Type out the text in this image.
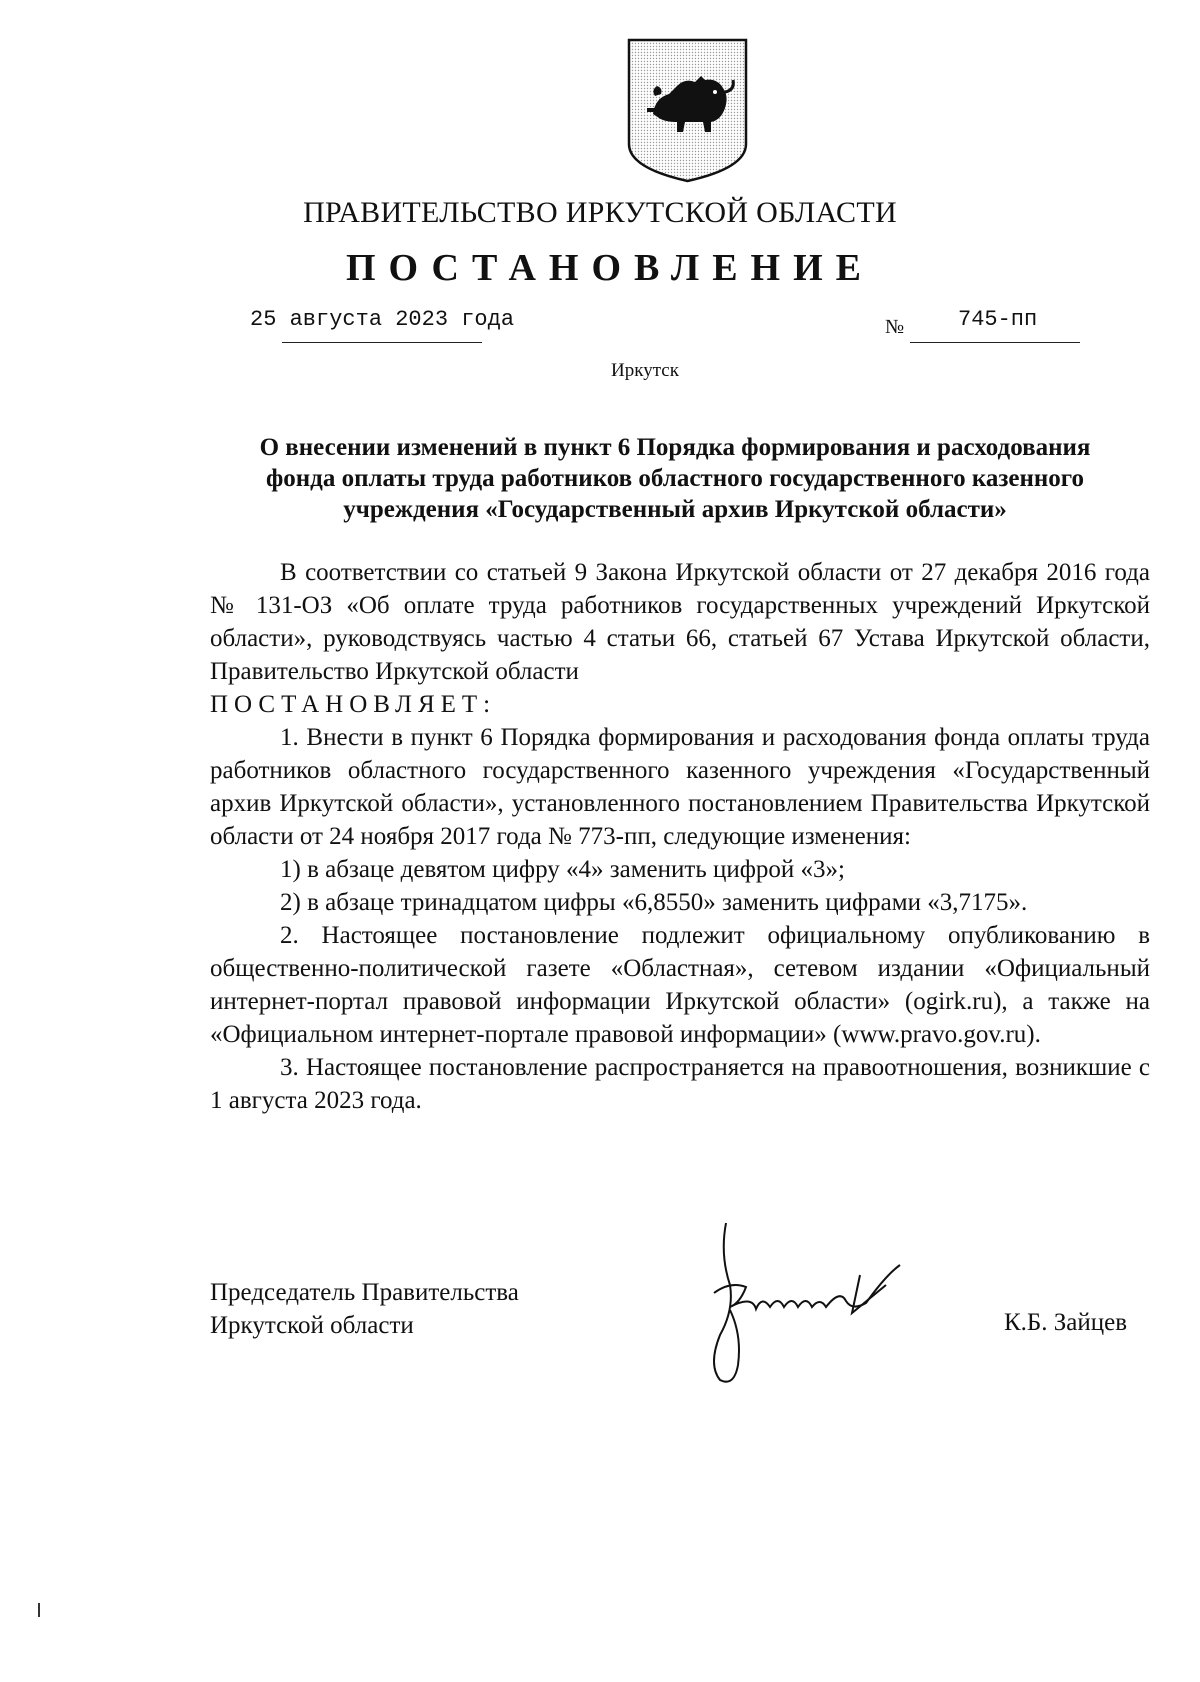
ПРАВИТЕЛЬСТВО ИРКУТСКОЙ ОБЛАСТИ
ПОСТАНОВЛЕНИЕ
25 августа 2023 года	№ 745-пп
Иркутск
О внесении изменений в пункт 6 Порядка формирования и расходования
фонда оплаты труда работников областного государственного казенного
учреждения «Государственный архив Иркутской области»

В соответствии со статьей 9 Закона Иркутской области от 27 декабря 2016 года № 131-ОЗ «Об оплате труда работников государственных учреждений Иркутской области», руководствуясь частью 4 статьи 66, статьей 67 Устава Иркутской области, Правительство Иркутской области

ПОСТАНОВЛЯЕТ:

1. Внести в пункт 6 Порядка формирования и расходования фонда оплаты труда работников областного государственного казенного учреждения «Государственный архив Иркутской области», установленного постановлением Правительства Иркутской области от 24 ноября 2017 года № 773-пп, следующие изменения:

1) в абзаце девятом цифру «4» заменить цифрой «3»;

2) в абзаце тринадцатом цифры «6,8550» заменить цифрами «3,7175».

2. Настоящее постановление подлежит официальному опубликованию в общественно-политической газете «Областная», сетевом издании «Официальный интернет-портал правовой информации Иркутской области» (ogirk.ru), а также на «Официальном интернет-портале правовой информации» (www.pravo.gov.ru).

3. Настоящее постановление распространяется на правоотношения, возникшие с 1 августа 2023 года.

Председатель Правительства
Иркутской области	К.Б. Зайцев
